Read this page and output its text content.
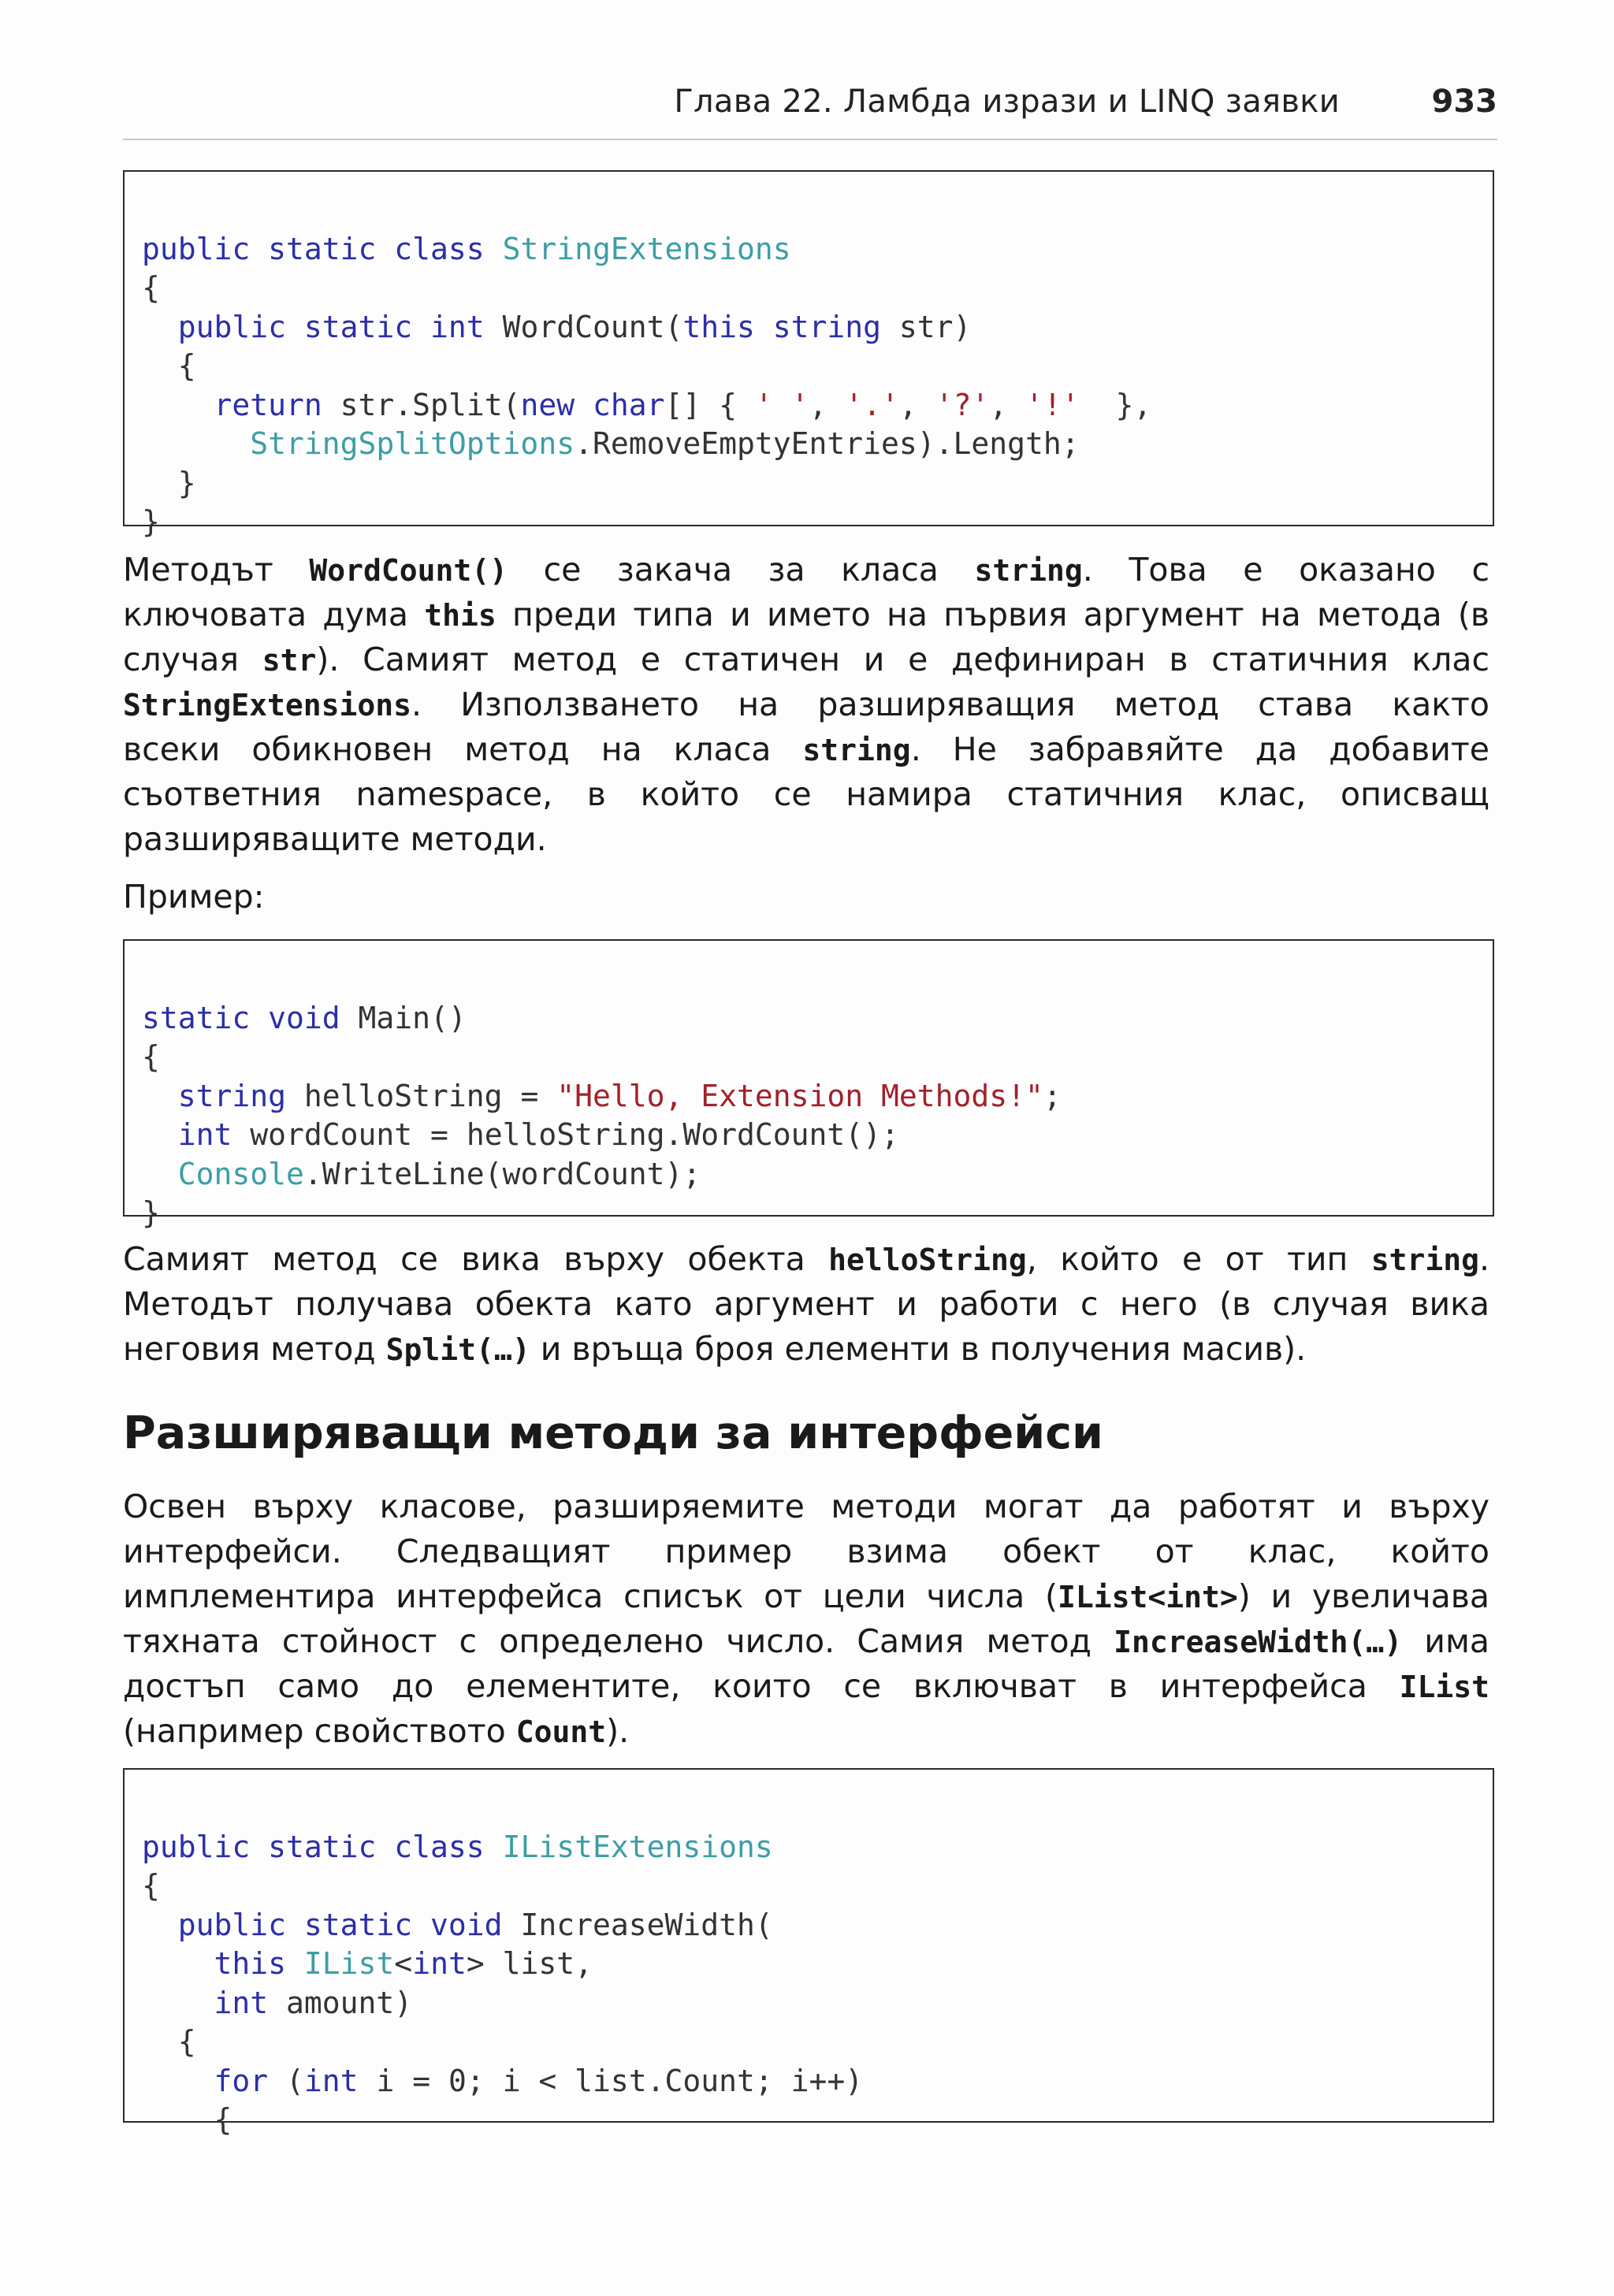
Глава 22. Ламбда изрази и LINQ заявки	933

public static class StringExtensions
{
public static int WordCount(this string str)
{
return str.Split(new char[] { ' ', '.', '?', '!'  },
StringSplitOptions.RemoveEmptyEntries).Length;
}
}
Методът WordCount() се закача за класа string. Това е оказано с
ключовата дума this преди типа и името на първия аргумент на метода (в
случая str). Самият метод е статичен и е дефиниран в статичния клас
StringExtensions. Използването на разширяващия метод става както
всеки обикновен метод на класа string. Не забравяйте да добавите
съответния namespace, в който се намира статичния клас, описващ
разширяващите методи.
Пример:

static void Main()
{
string helloString = "Hello, Extension Methods!";
int wordCount = helloString.WordCount();
Console.WriteLine(wordCount);
}
Самият метод се вика върху обекта helloString, който е от тип string.
Методът получава обекта като аргумент и работи с него (в случая вика
неговия метод Split(…) и връща броя елементи в получения масив).
Разширяващи методи за интерфейси
Освен върху класове, разширяемите методи могат да работят и върху
интерфейси. Следващият пример взима обект от клас, който
имплементира интерфейса списък от цели числа (IList<int>) и увеличава
тяхната стойност с определено число. Самия метод IncreaseWidth(…) има
достъп само до елементите, които се включват в интерфейса IList
(например свойството Count).

public static class IListExtensions
{
public static void IncreaseWidth(
this IList<int> list,
int amount)
{
for (int i = 0; i < list.Count; i++)
{
